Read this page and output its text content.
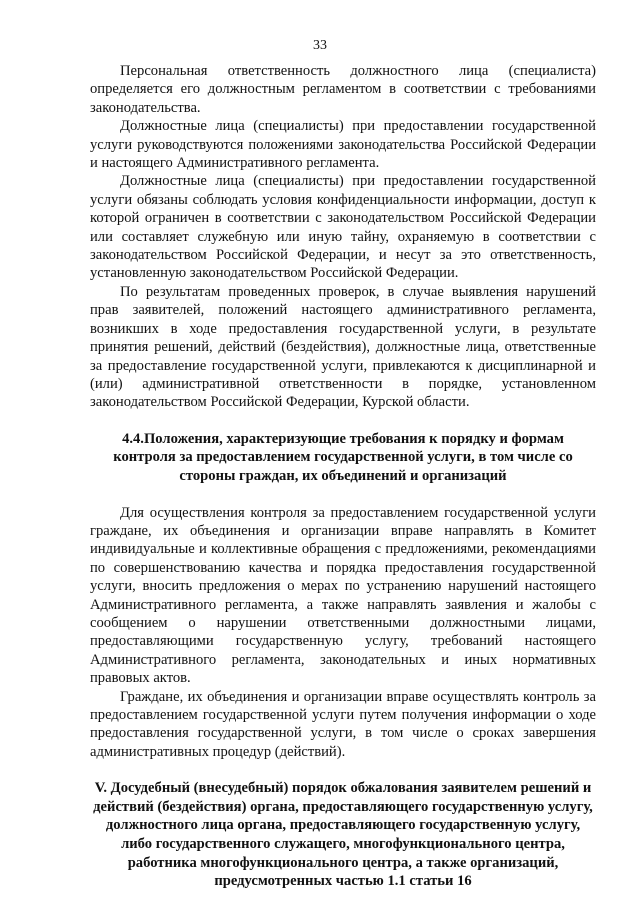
33

Персональная ответственность должностного лица (специалиста) определяется его должностным регламентом в соответствии с требованиями законодательства.

Должностные лица (специалисты) при предоставлении государственной услуги руководствуются положениями законодательства Российской Федерации и настоящего Административного регламента.

Должностные лица (специалисты) при предоставлении государственной услуги обязаны соблюдать условия конфиденциальности информации, доступ к которой ограничен в соответствии с законодательством Российской Федерации или составляет служебную или иную тайну, охраняемую в соответствии с законодательством Российской Федерации, и несут за это ответственность, установленную законодательством Российской Федерации.

По результатам проведенных проверок, в случае выявления нарушений прав заявителей, положений настоящего административного регламента, возникших в ходе предоставления государственной услуги, в результате принятия решений, действий (бездействия), должностные лица, ответственные за предоставление государственной услуги, привлекаются к дисциплинарной и (или) административной ответственности в порядке, установленном законодательством Российской Федерации, Курской области.

4.4.Положения, характеризующие требования к порядку и формам контроля за предоставлением государственной услуги, в том числе со стороны граждан, их объединений и организаций

Для осуществления контроля за предоставлением государственной услуги граждане, их объединения и организации вправе направлять в Комитет индивидуальные и коллективные обращения с предложениями, рекомендациями по совершенствованию качества и порядка предоставления государственной услуги, вносить предложения о мерах по устранению нарушений настоящего Административного регламента, а также направлять заявления и жалобы с сообщением о нарушении ответственными должностными лицами, предоставляющими государственную услугу, требований настоящего Административного регламента, законодательных и иных нормативных правовых актов.

Граждане, их объединения и организации вправе осуществлять контроль за предоставлением государственной услуги путем получения информации о ходе предоставления государственной услуги, в том числе о сроках завершения административных процедур (действий).

V. Досудебный (внесудебный) порядок обжалования заявителем решений и действий (бездействия) органа, предоставляющего государственную услугу, должностного лица органа, предоставляющего государственную услугу, либо государственного служащего, многофункционального центра, работника многофункционального центра, а также организаций, предусмотренных частью 1.1 статьи 16
